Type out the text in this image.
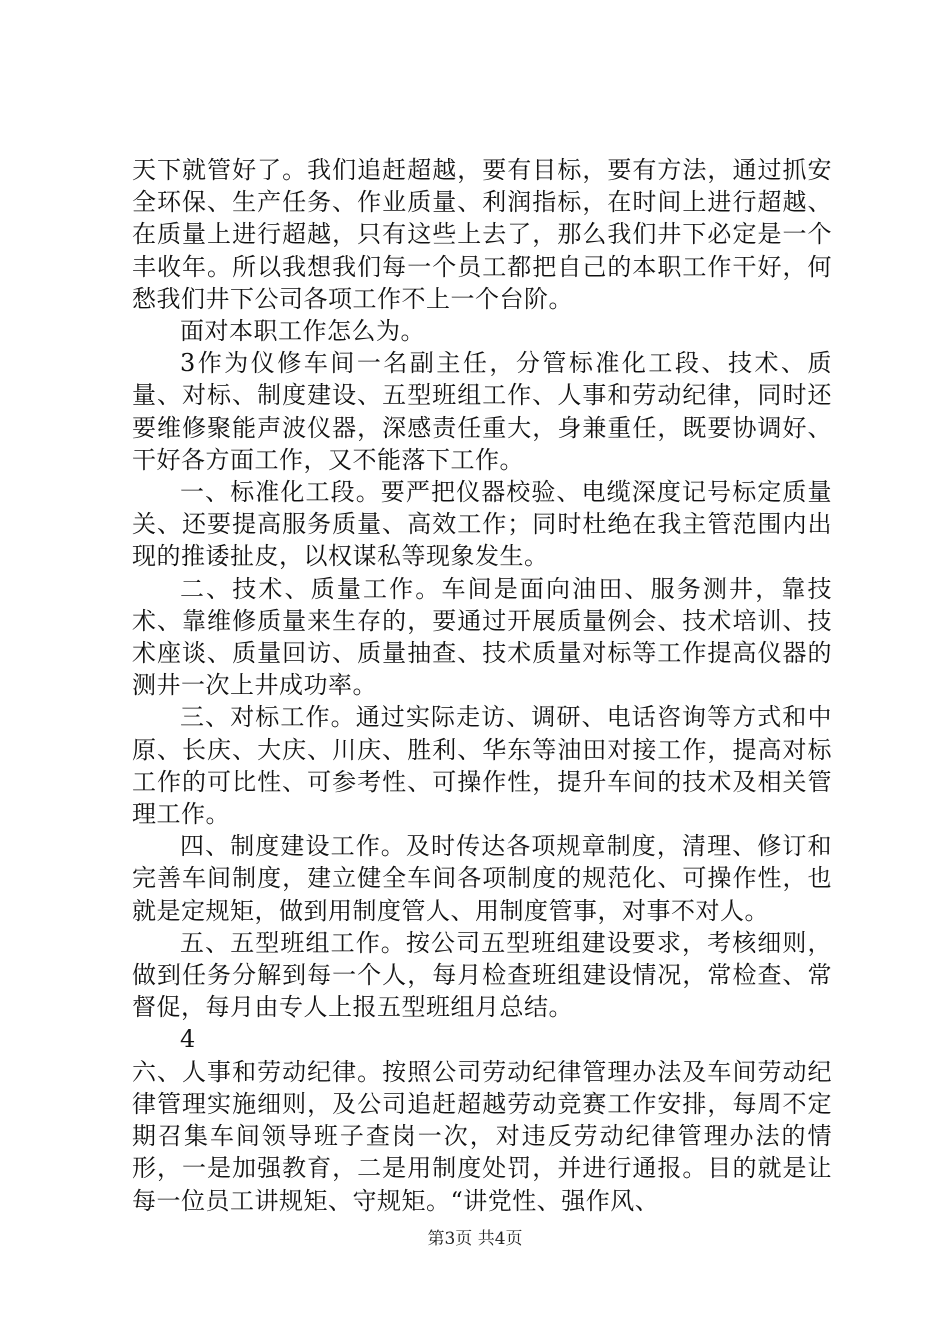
天下就管好了。我们追赶超越，要有目标，要有方法，通过抓安全环保、生产任务、作业质量、利润指标，在时间上进行超越、在质量上进行超越，只有这些上去了，那么我们井下必定是一个丰收年。所以我想我们每一个员工都把自己的本职工作干好，何愁我们井下公司各项工作不上一个台阶。

面对本职工作怎么为。

3作为仪修车间一名副主任，分管标准化工段、技术、质量、对标、制度建设、五型班组工作、人事和劳动纪律，同时还要维修聚能声波仪器，深感责任重大，身兼重任，既要协调好、干好各方面工作，又不能落下工作。

一、标准化工段。要严把仪器校验、电缆深度记号标定质量关、还要提高服务质量、高效工作；同时杜绝在我主管范围内出现的推诿扯皮，以权谋私等现象发生。

二、技术、质量工作。车间是面向油田、服务测井，靠技术、靠维修质量来生存的，要通过开展质量例会、技术培训、技术座谈、质量回访、质量抽查、技术质量对标等工作提高仪器的测井一次上井成功率。

三、对标工作。通过实际走访、调研、电话咨询等方式和中原、长庆、大庆、川庆、胜利、华东等油田对接工作，提高对标工作的可比性、可参考性、可操作性，提升车间的技术及相关管理工作。

四、制度建设工作。及时传达各项规章制度，清理、修订和完善车间制度，建立健全车间各项制度的规范化、可操作性，也就是定规矩，做到用制度管人、用制度管事，对事不对人。

五、五型班组工作。按公司五型班组建设要求，考核细则，做到任务分解到每一个人，每月检查班组建设情况，常检查、常督促，每月由专人上报五型班组月总结。

4

六、人事和劳动纪律。按照公司劳动纪律管理办法及车间劳动纪律管理实施细则，及公司追赶超越劳动竞赛工作安排，每周不定期召集车间领导班子查岗一次，对违反劳动纪律管理办法的情形，一是加强教育，二是用制度处罚，并进行通报。目的就是让每一位员工讲规矩、守规矩。“讲党性、强作风、

第3页 共4页
